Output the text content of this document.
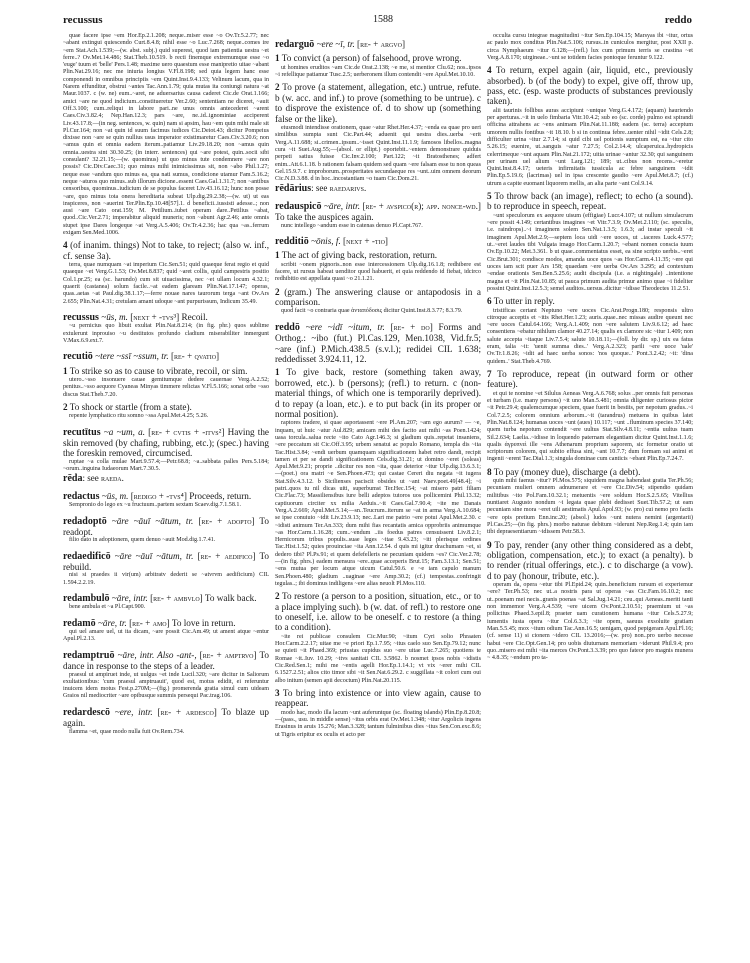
recussus	1588	reddo

quae facere ipse ~em Hor.Ep.2.1.208; neque..miser esse ~o Ov.Tr.5.2.77; nec ~abant extingui quiescendo Curt.8.4.8; nihil esse ~o Luc.7.268; neque..comes ire ~em Stat.Ach.1.539;—(w. abst. subj.) quid superest, quod iam patientia uestra ~et ferre..? Ov.Met.14.486; Stat.Theb.10.519. b recti finemque extremumque esse ~o 'euge' tuum et 'belle' Pers.1.48; maxime uero quaestum esse manipretio uitae ~abant Plin.Nat.29.16; nec me iniuria longius V.Fl.8.198; sed quia legem hanc esse componendi in omnibus principiis ~em Quint.Inst.9.4.133; Velinum lacum, qua in Narem effunditur, obstrui ~antes Tac.Ann.1.79; quia mutas ita coniungi natura ~at Maur.1037. c (w. ne) eum..~aret, ne aduersarius causa caderet Cic.de Orat.1.166; amici ~are ne quod indicium..constitueretur Ver.2.60; sententiam ne diceret, ~auit Off.3.100; cum..reliqui in labore pari..ne unus omnis antecederet ~arent Caes.Civ.3.82.4; Nep.Han.12.3; pars ~are, ne..id..ignominiae acciperent Liv.43.17.8;—(in neg. sentences, w. quin) nam si apsim, hau ~em quin mihi male sit Pl.Cur.164; non ~at quin id suum facimus iudices Cic.Deiot.43; dicitur Pompeius dixisse non ~are se quin nullius usus imperator existimaretur Caes.Civ.3.20.6; non ~amus quin et omnia eadem iterum..patiamur Liv.29.18.20; non ~amus quin omnia..uestra sint 30.30.25; (in interr. sentences) qui ~are potest, quin..socii sibi consulant? 32.21.15;—(w. quominus) ut quo minus tute condemnere ~are non possis? Cic.Div.Caec.31; quo minus mihi inimicissimus sit, non ~abo Phil.1.27; neque esse ~andum quo minus ea, qua nati sumus, condicione utamur Fam.5.16.2; neque ~aturos quo minus..sub illorum dicione..essent Caes.Gal.1.31.7; non ~antibus censoribus, quominus..iudicium de se populus faceret Liv.43.16.12; hunc non posse ~are, quo minus tota onera hereditaria subeat Ulp.dig.29.2.38;—(w. ut) ut eas inspiceres, non ~auerint Ter.Plin.Ep.10.48[57].1. d beneficii..iussisti adesse..; non ausi ~are Cato orat.159; M. Petilium..iubet operam dare..Petilius ~abat, quod..Cic.Ver.2.71; imperabitur aliquid muneris; non ~abunt Agr.2.46; ante omnis stupet ipse Dares longeque ~at Verg.A.5.406; Ov.Tr.4.2.36; hac qua ~as..ferrum exigam Sen.Med.1006.

4 (of inanim. things) Not to take, to reject; (also w. inf., cf. sense 3a).

terra, quae numquam ~at imperium Cic.Sen.51; quid quaeque ferat regio et quid quaeque ~et Verg.G.1.53; Ov.Met.8.837; quid ~aret collis, quid campestris positio Col.1.pr.25; ea (sc. harundo) cum sit uiuacissima, nec ~et ullam locum 4.32.1; quaerit (castanea) solum facile..~at eadem glaream Plin.Nat.17.147; operas, quas..aetas ~at Paul.dig.38.1.17;—ferre nouae nares taurorum terga ~ant Ov.Ars 2.655; Plin.Nat.4.31; cretulam amant udoque ~ant purpurissum, Indicum 35.49.

recussus ~ūs, m. [next + -tvs³] Recoil.

~u pernicius quo libuit exultat Plin.Nat.8.214; (in fig. phr.) quos sublime extulerunt inprouiso ~u destitutos profundo cladium miserabiliter inmergunt V.Max.6.9.ext.7.

recutiō ~tere ~ssī ~ssum, tr. [re- + qvatio]

1 To strike so as to cause to vibrate, recoil, or sim.

utero..~sso insonuere cauae gemitumque dedere cauernae Verg.A.2.52; penitus..~sso aequore Cyaneas Minyas timmere relictas V.Fl.5.166; sonat orbe ~sso discus Stat.Theb.7.20.

2 To shock or startle (from a state).

repente lymphatico ritu somno ~ssa Apul.Met.4.25; 5.26.

recutītus ~a ~um, a. [re- + cvtis + -itvs²] Having the skin removed (by chafing, rubbing, etc.); (spec.) having the foreskin removed, circumcised.

ruptae ~a colla mulae Mart.9.57.4;—Petr.68.8; ~a..sabbata palles Pers.5.184; ~orum..inguina Iudaeorum Mart.7.30.5.

rēda: see raeda.

redactus ~ūs, m. [redigo + -tvs⁴] Proceeds, return.

Sempronio do lego ex ~u fructuum..partem sextam Scaev.dig.7.1.58.1.

redadoptō ~āre ~āuī ~ātum, tr. [re- + adopto] To readopt.

filio dato in adoptionem, quem denuo ~auit Mod.dig.1.7.41.

redaedificō ~āre ~āuī ~ātum, tr. [re- + aedifico] To rebuild.

nisi si praedes ii vir(um) arbitratv dederit se ~atvrvm aedificium) CIL 1.594.2.2.19.

redambulō ~āre, intr. [re- + ambvlo] To walk back.

bene ambula et ~a Pl.Capt.900.

redamō ~āre, tr. [re- + amo] To love in return.

qui uel amare uel, ut ita dicam, ~are possit Cic.Am.49; ut ament atque ~entur Apul.Pl.2.13.

redamptruō ~āre, intr. Also -ant-, [re- + amptrvo] To dance in response to the steps of a leader.

praesul ut ampiruet inde, ut uulgus ~et inde Lucil.320; ~are dicitur in Saliorum exultationibus: 'cum praesul amptruauit', quod est, motus edidit, ei referuntur inuicem idem motus Fest.p.270M;—(fig.) promerenda gratia simul cum uideam Graios nil mediocriter ~are opibusque summis persequi Pac.trag.106.

redardescō ~ere, intr. [re- + ardesco] To blaze up again.

flamma ~et, quae modo nulla fuit Ov.Rem.734.

redarguō ~ere ~ī, tr. [re- + argvo]

1 To convict (a person) of falsehood, prove wrong.

ut homines eruditos ~am Cic.de Orat.2.138; ~e me, si mentior Clu.62; nos..ipsos ~i refellique patiamur Tusc.2.5; uerberonem illum contendit ~ere Apul.Met.10.10.

2 To prove (a statement, allegation, etc.) untrue, refute. b (w. acc. and inf.) to prove (something to be untrue). c to disprove the existence of. d to show up (something false or the like).

eiusmodi intendisse orationem, quae ~atur Rhet.Her.4.37; ~enda ea quae pro ueri similibus sumpta sunt Cic.Part.44; aduenit qui uestra dies..uerba ~erit Verg.A.11.688; si..crimen..ipsum..~isset Quint.Inst.11.1.9; famosos libellos..magna cura ~it Suet.Aug.55;—(absol. or ellipt.) oportebit..~entem demonstrare quiduis perpeti satius fuisse Cic.Inv.2.100; Part.122; ~it Bratosthenes; adfert enim..Att.6.1.18. b rationem falsam quidem sed quam ~ere falsam esse tu non queas Gel.15.9.7. c improborum..prosperitates secundaeque res ~unt..uim omnem deorum Cic.N.D.3.88. d in hoc..incostantiam ~o tuam Cic.Dom.21.

rēdārius: see raedarivs.

redauspicō ~āre, intr. [re- + avspico(r); app. nonce-wd.] To take the auspices again.

nunc intellego ~andum esse in catenas denuo Pl.Capt.767.

redditiō ~ōnis, f. [next + -tio]

1 The act of giving back, restoration, return.

scribit ~onem pignoris..non esse intercessionem Ulp.dig.16.1.8; redhibere est facere, ut rursus habeat uenditor quod habuerit, et quia reddendo id fiebat, idcirco redhibitio est appellata quasi ~o 21.1.21.

2 (gram.) The answering clause or antapodosis in a comparison.

quod facit ~o contraria quae ἀνταπόδοσις dicitur Quint.Inst.8.3.77; 8.3.79.

reddō ~ere ~idī ~itum, tr. [re- + do] Forms and Orthog.: ~ibo (fut.) Pl.Cas.129, Men.1038, Vid.fr.5; ~are (inf.) P.Mich.438.5 (s.v.l.); redidei CIL 1.638; reddedisset 3.924.11, 12.

1 To give back, restore (something taken away, borrowed, etc.). b (persons); (refl.) to return. c (non-material things, of which one is temporarily deprived). d to repay (a loan, etc.). e to put back (in its proper or normal position).

raptores tradere, si quae asportassent ~ere Pl.Am.207; ~am ego aurum? — ~e, inquam, ut huic ~atur Aul.829; amicam mihi des facito aut mihi ~as Poen.1424; uasa torcula..salua recte ~ito Cato Agr.146.3; si gladium quis..repetat insaniens, ~ere peccatum sit Cic.Off.3.95; urbem senatui ac populo Romano, templa dis ~ita Tac.Hist.3.84; ~endi uerbum quamquam significationem habet retro dandi, recipit tamen et per se dandi significationem Cels.dig.31.21; ut domino ~eret (soleas) Apul.Met.9.21; proprie ..dicitur res non ~ita, quae deterior ~itur Ulp.dig.13.6.3.1; —(poet.) ora matri ~e Sen.Phoen.473; qui castae Cereri diu negata ~it iugera Stat.Silv.4.3.12. b Sicilienses paciscit obsides ut ~ant Naev.poet.49[48.4]; ~i patri..quos tu nil dicas uiti, superbumst Ter.Hec.154; ~at misero patri filiam Cic.Flac.73; Massiliensibus iure belli adeptos tutoros uos pollicemini Phil.13.32; captiuorum circiter xx milia Aeduis..~it Caes.Gal.7.90.4; ~ite me Danais Verg.A.2.669; Apul.Met.5.14;—sn..Teucrum..iterum se ~at in arma Verg.A.10.684; se ipse conuiuio ~idit Liv.23.9.13; nec..Lari me patrio ~ere potui Apul.Met.2.30. c ~idisti animum Ter.An.333; dum mihi fias recantatis amica opprobriis animumque ~as Hor.Carm.1.16.28; cum..~endum ..iis foedus patres censuissent Liv.8.2.1; Hernicorum tribus populis..suae leges ~itae 9.43.23; ~iti plerisque ordines Tac.Hist.1.52; quies prouinciae ~ita Ann.12.54. d quis mi igitur drachumam ~et, si dedero tibi? Pl.Ps.91; ei quem defefelleris ne pecuniam quidem ~es? Cic.Ver.2.78;—(in fig. phrs.) eadem mensura ~ere..quae acceperis Brut.15; Fam.3.13.1; Sen.51; ~ens mutua per locum atque uicum Catul.50.6. e ~e iam capulo manum Sen.Phoen.480; gladium ..uaginae ~ere Amp.30.2; (cf.) tempestas..confringit tegulas..; ibi dominus indiligens ~ere alias neuolt Pl.Mos.110.

2 To restore (a person to a position, situation, etc., or to a place implying such). b (w. dat. of refl.) to restore one to oneself, i.e. allow to be oneself. c to restore (a thing to a condition).

~ite rei publicae consulem Cic.Mur.90; ~itum Cyri solio Phraaten Hor.Carm.2.2.17; uitae me ~e priori Ep.1.7.95; ~itus caelo suo Sen.Ep.79.12; nunc se quieti ~it Phaed.369; priustas cupidus suo ~ere uitae Luc.7.265; quotiens te Romae ~it..Iuv. 10.29; ~itvs sanitati CIL 3.5862. b nosmet ipsos nobis ~idistis Cic.Red.Sen.1; mihi me ~entis agelli Hor.Ep.1.14.1; vt vix ~erer mihi CIL 6.1527.2.51; alios cito timor sibi ~it Sen.Nat.6.29.2. c suggillata ~it colori cum oui albo initum (semen apii decoctum) Plin.Nat.20.115.

3 To bring into existence or into view again, cause to reappear.

modo hac, modo illa lacum ~unt auferuntque (sc. floating islands) Plin.Ep.8.20.8;—(pass., usu. in middle sense) ~itus orbis erat Ov.Met.1.348; ~itur Argolicis ingens Erasinus in aruis 15.276; Man.3.328; tantum fulminibus dies ~itus Sen.Con.exc.8.6; ut Tigris eripitur ex oculis et acto per

occulta cursu integrae magnitudini ~itur Sen.Ep.104.15; Marsyas ibi ~itur, ortus ac paulo mox conditus Plin.Nat.5.106; rursus..in cuniculos mergitur, post XXII p. circa Nymphaeum ~itur 6.128;—(refl.) lux cum primum terris se crastina ~et Verg.A.8.170; uirgineae..~unt se totidem facies pontoque feruntur 9.122.

4 To return, expel again (air, liquid, etc., previously absorbed). b (of the body) to expel, give off, throw up, pass, etc. (esp. waste products of substances previously taken).

alii taurinis follibus auras accipiunt ~untque Verg.G.4.172; (aquam) hauriendo per aperturas..~it in uelo fimbaria Vitr.10.4.2; sub eo (sc. corde) pulmo est spirandi officina attrahens ac ~ens animam Plin.Nat.11.188; eadem (sc. terra) acceptum umorem nullis fontibus ~it 18.10. b si in continua febre..uenter nihil ~idit Cels.2.8; difficulter urina ~itur 2.7.14; si quid cibi uel potionis sumptum est, ea ~itur cito 5.26.15; euenire, ut..sanguis ~atur 7.27.5; Col.2.14.4; ulcaperuica..hydropicis celerrimeque ~unt aquam Plin.Nat.21.172; uitia urinae ~antur 32.30; qui sanguinem per urinam uel alium ~unt Larg.121; 189; ut..cibus non recens..~eretur Quint.Inst.8.4.17; ueteris infirmitatis tussicula ac febre sanguinem ~idit Plin.Ep.5.19.6; (lacrimas) uel in ipsa crescente gaudio ~ere Apul.Met.8.7; (cf.) utrum a capite euomant liquorem mellis, an alia parte ~ant Col.9.14.

5 To throw back (an image), reflect; to echo (a sound). b to reproduce in speech, repeat.

~unt speculorum ex aequore uisum (effigiae) Lucr.4.107; ut nullum simulacrum ~ere possit 4.149; certantibus imagines ~et Vitr.7.3.9; Ov.Met.2.110; (sc. speculis, i.e. raindrops)..~i imaginem solem Sen.Nat.1.3.5; 1.6.3; ad instar speculi ~it imaginem Apul.Met.2.9;—septem loca uidi ~ere uoces, ut ..iaceres Luck.4.577; ut..~eret laudes tibi Vulgata imago Hor.Carm.1.20.7; ~ebant nomen conscia tuum Ov.Ep.10.22; Met.3.361. b ut quae..commentatus esset, ea sine scripto uerbis..~eret Cic.Brut.301; condisce modos, amanda uoce quos ~as Hor.Carm.4.11.35; ~ere qui uoces iam scit puer Ars 158; quaedam ~ere uerba Ov.Ars 3.295; ad contextum ~endae orationis Sen.Ben.5.25.6; audit discipula (i.e. a nightingale) ..intentione magna et ~it Plin.Nat.10.85; ut pauca primum audita primur animo quae ~i fideliter possint Quint.Inst.12.5.3; semel auditos..uersus..dicitur ~idisse Theodectes 11.2.51.

6 To utter in reply.

tristificas certant Neptuno ~ere uoces Cic.Arat.Progn.180; responsis ultro citroque acceptis et ~itis Rhet.Her.1.23; auris..quae..nec missas audire queunt nec ~ere uoces Catul.64.166; Verg.A.1.409; non ~ere salutem Liv.9.6.12; ad haec consentiens ~ebatur nihilum clamor 40.27.14; qualis ex clamore sic ~itur 1.409; non salute accepta ~itaque Liv.7.5.4; salute 10.18.11;—(foll. by dir. sp.) uix ea fatus eram, talia ~it: 'uenit summa dies..' Verg.A.2.323; parili ~ere uoce 'uale' Ov.Tr.1.8.26; ~idit ad haec uerba sonos: 'nos quoque..' Pont.3.2.42; ~it: 'dina quidem..' Stat.Theb.4.769.

7 To reproduce, repeat (in outward form or other feature).

et qui te nomine ~et Silulus Aeneas Verg.A.6.768; solus ..per omnis fuit personas et turbam (i.e. many persons) ~it uno Man.5.481; omnia diligenter curiosus pictor ~it Petr.29.4; qualemcumque speciem, quae fuerit in bestiis, per nepotum gradus..~i Col.7.2.5; colorem omnium arborum..~it (tarandrus) metuens in quibus latet Plin.Nat.8.124; humanas uoces ~unt (aues) 10.117; ~unt ..fluminum species 37.140; quem turba nepotum contendit ~ere uultus Stat.Silv.4.8.11; ~entia uultus tuam Sil.2.634; Laelia..~idisse in loquendo paternam elegantiam dicitur Quint.Inst.1.1.6; qualis ἀγρυπνεὶ ille ~ens Athenarum proprium saporem, sic formetur oratio ut scriptorum colorem, qui subito effusa sint, ~ant 10.7.7; dum formam sui animi et ingenii ~erent Tac.Dial.1.3; singula dominae cum canticis ~ebant Plin.Ep.7.24.7.

8 To pay (money due), discharge (a debt).

quin mihi faenus ~itur? Pl.Mos.575; siquidem magna habendast gratia Ter.Ph.56; pecuniam mulieri omnem adnumerare et ~ere Cic.Div.54; stipendio quidam militibus ~ito Pol.Fam.10.32.1; metuentis ~ere soldum Hor.S.2.5.65; Vitellius nuntiaret Augusto nondum ~i legata quae plebi dedisset Suet.Tib.57.2; ut eam pecuniam sine mora ~eret uili aestimatis Apul.Apol.93; (w. pro) cui nemo pro factis ~ere opis pretium Enn.inc.20; (absol.) ludos ~unt nutera nemini (argentarii) Pl.Cas.25;—(in fig. phrs.) morbo naturae debitum ~iderunt Nep.Reg.1.4; quin iam tibi depraesentiarum ~idissem Petr.58.3.

9 To pay, render (any other thing considered as a debt, obligation, compensation, etc.); to exact (a penalty). b to render (ritual offerings, etc.). c to discharge (a vow). d to pay (honour, tribute, etc.).

operam da, opera ~etur tibi Pl.Epid.24; quin..beneficium rursum ei experiemur ~ere? Ter.Ph.53; nec ut..a nostris para ut operas ~as Cic.Fam.16.10.2; nec ut..poenam mei necis..granis poenas ~at Sal.Jug.14.21; ceu..qui Aeneas..meriti tanti non immemor Verg.A.4.539; ~ere uicem Ov.Pont.2.10.51; praemium ut ~as pollicitus Phaed.3.epil.8; praeter uam curationem humana ~itur Cels.5.27.9; iumentis iusta opera ~itur Col.6.3.3; ~ite opem, saeuus exsoluite gratiam Man.5.5.45; mox ~itum odium Tac.Ann.16.5; uenigam, quod pepigeram Apul.Fl.16; (cf. sense 11) si cionem ~idero CIL 13.2016;—(w. pro) non..pro uerbo necesse habui ~ere Cic.Opt.Gen.14; pro uobis diuturnam memoriam ~iderunt Phil.9.4; pro quo..misero est mihi ~ita merces Ov.Pont.3.3.39; pro quo fateor pro magnis munera ~ 4.8.35; ~endum pro ta-
